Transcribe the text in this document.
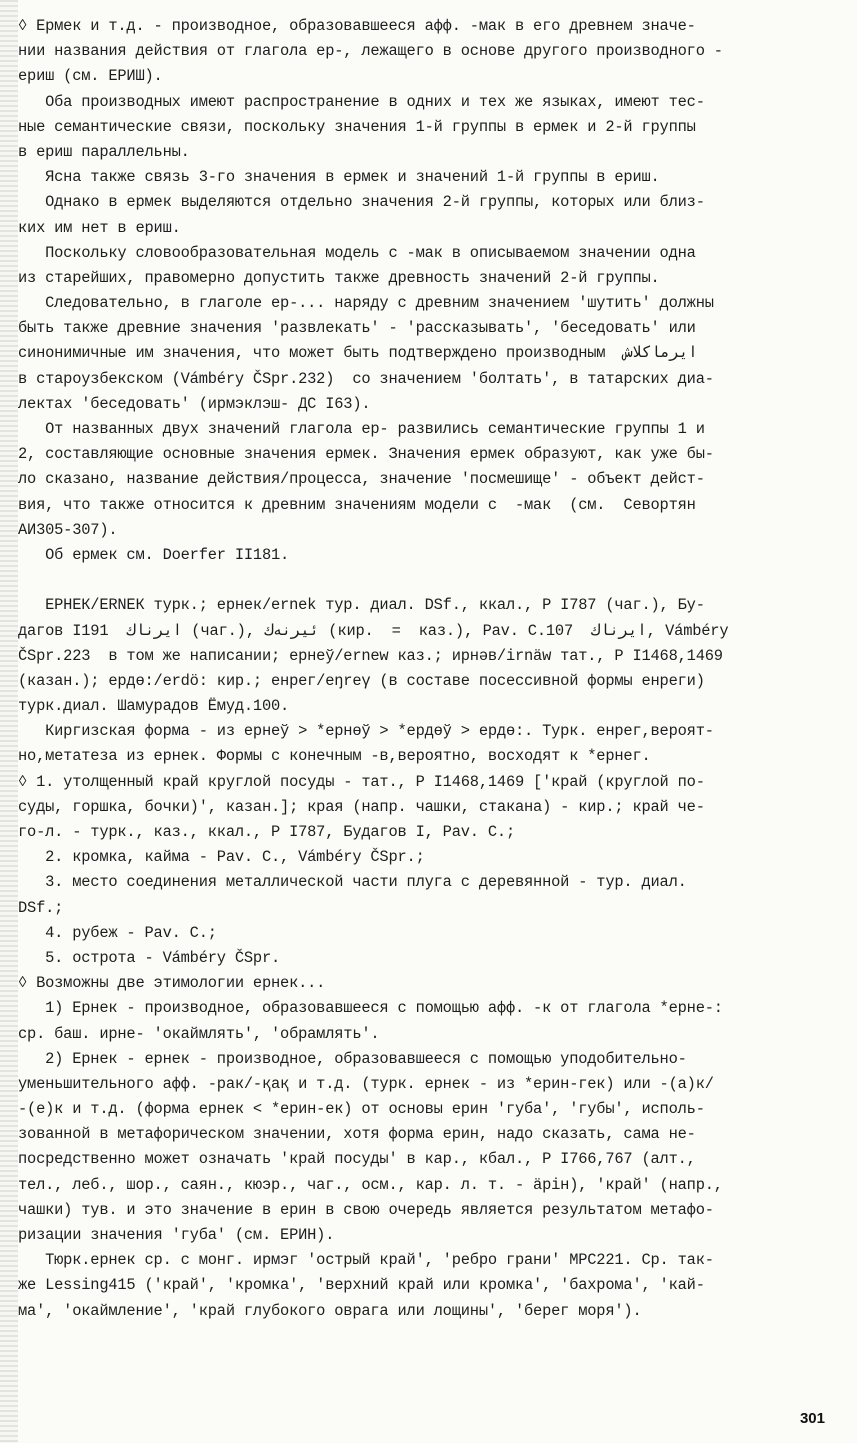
◊ Ермек и т.д. - производное, образовавшееся афф. -мак в его древнем значе-
нии названия действия от глагола ер-, лежащего в основе другого производного -
ериш (см. ЕРИШ).
Оба производных имеют распространение в одних и тех же языках, имеют тес-
ные семантические связи, поскольку значения 1-й группы в ермек и 2-й группы
в ериш параллельны.
Ясна также связь 3-го значения в ермек и значений 1-й группы в ериш.
Однако в ермек выделяются отдельно значения 2-й группы, которых или близ-
ких им нет в ериш.
Поскольку словообразовательная модель с -мак в описываемом значении одна
из старейших, правомерно допустить также древность значений 2-й группы.
Следовательно, в глаголе ер-... наряду с древним значением 'шутить' должны
быть также древние значения 'развлекать' - 'рассказывать', 'беседовать' или
синонимичные им значения, что может быть подтверждено производным  ايرماكلاش
в староузбекском (Vámbéry ČSpr.232)  со значением 'болтать', в татарских диа-
лектах 'беседовать' (ирмэклэш- ДС I63).
От названных двух значений глагола ер- развились семантические группы 1 и
2, составляющие основные значения ермек. Значения ермек образуют, как уже бы-
ло сказано, название действия/процесса, значение 'посмешище' - объект дейст-
вия, что также относится к древним значениям модели с  -мак  (см.  Севортян
АИ305-307).
Об ермек см. Doerfer II181.
ЕРНЕК/ЕRNЕК турк.; ернек/ernek тур. диал. DSf., ккал., Р I787 (чаг.), Бу-
дагов I191  ايرناك (чаг.), ئيرنەك (кир.  =  каз.), Pav. C.107  ايرناك, Vámbéry
ČSpr.223  в том же написании; ернеў/ernew каз.; ирнәв/irnäw тат., Р I1468,1469
(казан.); ердө:/erdö: кир.; енрег/eŋreγ (в составе посессивной формы енреги)
турк.диал. Шамурадов Ёмуд.100.
Киргизская форма - из ернеў > *ернөў > *ердөў > ердө:. Турк. енрег,вероят-
но,метатеза из ернек. Формы с конечным -в,вероятно, восходят к *ернег.
◊ 1. утолщенный край круглой посуды - тат., Р I1468,1469 ['край (круглой по-
суды, горшка, бочки)', казан.]; края (напр. чашки, стакана) - кир.; край че-
го-л. - турк., каз., ккал., Р I787, Будагов I, Pav. C.;
2. кромка, кайма - Pav. C., Vámbéry ČSpr.;
3. место соединения металлической части плуга с деревянной - тур. диал.
DSf.;
4. рубеж - Pav. C.;
5. острота - Vámbéry ČSpr.
◊ Возможны две этимологии ернек...
1) Ернек - производное, образовавшееся с помощью афф. -к от глагола *ерне-:
ср. баш. ирне- 'окаймлять', 'обрамлять'.
2) Ернек - ернек - производное, образовавшееся с помощью уподобительно-
уменьшительного афф. -рак/-қақ и т.д. (турк. ернек - из *ерин-гек) или -(а)к/
-(е)к и т.д. (форма ернек < *ерин-ек) от основы ерин 'губа', 'губы', исполь-
зованной в метафорическом значении, хотя форма ерин, надо сказать, сама не-
посредственно может означать 'край посуды' в кар., кбал., Р I766,767 (алт.,
тел., леб., шор., саян., кюэр., чаг., осм., кар. л. т. - ӓрін), 'край' (напр.,
чашки) тув. и это значение в ерин в свою очередь является результатом метафо-
ризации значения 'губа' (см. ЕРИН).
Тюрк.ернек ср. с монг. ирмэг 'острый край', 'ребро грани' МРС221. Ср. так-
же Lessing415 ('край', 'кромка', 'верхний край или кромка', 'бахрома', 'кай-
ма', 'окаймление', 'край глубокого оврага или лощины', 'берег моря').
301
